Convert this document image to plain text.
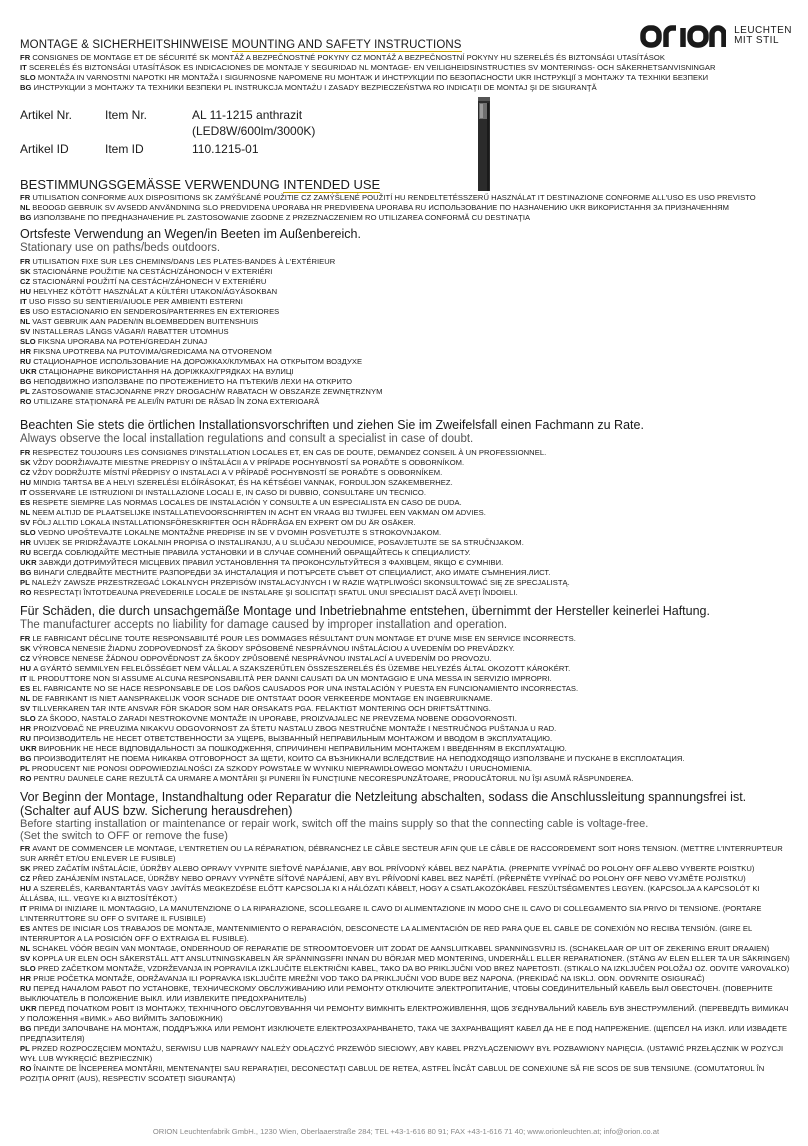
LEUCHTEN
MIT STIL
MONTAGE & SICHERHEITSHINWEISE MOUNTING AND SAFETY INSTRUCTIONS
FR CONSIGNES DE MONTAGE ET DE SÉCURITÉ SK MONTÁŽ A BEZPEČNOSTNÉ POKYNY CZ MONTÁŽ A BEZPEČNOSTNÍ POKYNY HU SZERELÉS ÉS BIZTONSÁGI UTASÍTÁSOK
IT SCERELÉS ÉS BIZTONSÁGI UTASÍTÁSOK ES INDICACIONES DE MONTAJE Y SEGURIDAD NL MONTAGE- EN VEILIGHEIDSINSTRUCTIES SV MONTERINGS- OCH SÄKERHETSANVISNINGAR
SLO MONTAŽA IN VARNOSTNI NAPOTKI HR MONTAŽA I SIGURNOSNE NAPOMENE RU МОНТАЖ И ИНСТРУКЦИИ ПО БЕЗОПАСНОСТИ UKR ІНСТРУКЦІЇ З МОНТАЖУ ТА ТЕХНІКИ БЕЗПЕКИ
BG ИНСТРУКЦИИ З МОНТАЖУ ТА ТЕХНИКИ БЕЗПЕКИ PL INSTRUKCJA MONTAŻU I ZASADY BEZPIECZEŃSTWA RO INDICAŢII DE MONTAJ ŞI DE SIGURANŢĂ
Artikel Nr.	Item Nr.	AL 11-1215 anthrazit
(LED8W/600lm/3000K)
Artikel ID	Item ID	110.1215-01
BESTIMMUNGSGEMÄSSE VERWENDUNG INTENDED USE
FR UTILISATION CONFORME AUX DISPOSITIONS SK ZAMÝŠĽANÉ POUŽITIE CZ ZAMÝŠLENÉ POUŽITÍ HU RENDELTETÉSSZERŰ HASZNÁLAT IT DESTINAZIONE CONFORME ALL'USO ES USO PREVISTO
NL BEOOGD GEBRUIK SV AVSEDD ANVÄNDNING SLO PREDVIDENA UPORABA HR PREDVIĐENA UPORABA RU ИСПОЛЬЗОВАНИЕ ПО НАЗНАЧЕНИЮ UKR ВИКОРИСТАННЯ ЗА ПРИЗНАЧЕННЯМ
BG ИЗПОЛЗВАНЕ ПО ПРЕДНАЗНАЧЕНИЕ PL ZASTOSOWANIE ZGODNE Z PRZEZNACZENIEM RO UTILIZAREA CONFORMĂ CU DESTINAŢIA
Ortsfeste Verwendung an Wegen/in Beeten im Außenbereich.
Stationary use on paths/beds outdoors.
FR UTILISATION FIXE SUR LES CHEMINS/DANS LES PLATES-BANDES À L'EXTÉRIEUR
SK STACIONÁRNE POUŽITIE NA CESTÁCH/ZÁHONOCH V EXTERIÉRI
CZ STACIONÁRNÍ POUŽITÍ NA CESTÁCH/ZÁHONECH V EXTERIÉRU
HU HELYHEZ KÖTÖTT HASZNÁLAT A KÜLTÉRI UTAKON/ÁGYÁSOKBAN
IT USO FISSO SU SENTIERI/AIUOLE PER AMBIENTI ESTERNI
ES USO ESTACIONARIO EN SENDEROS/PARTERRES EN EXTERIORES
NL VAST GEBRUIK AAN PADEN/IN BLOEMBEDDEN BUITENSHUIS
SV INSTALLERAS LÄNGS VÄGAR/I RABATTER UTOMHUS
SLO FIKSNA UPORABA NA POTEH/GREDAH ZUNAJ
HR FIKSNA UPOTREBA NA PUTOVIMA/GREDICAMA NA OTVORENOM
RU СТАЦИОНАРНОЕ ИСПОЛЬЗОВАНИЕ НА ДОРОЖКАХ/КЛУМБАХ НА ОТКРЫТОМ ВОЗДУХЕ
UKR СТАЦІОНАРНЕ ВИКОРИСТАННЯ НА ДОРІЖКАХ/ГРЯДКАХ НА ВУЛИЦІ
BG НЕПОДВИЖНО ИЗПОЛЗВАНЕ ПО ПРОТЕЖЕНИЕТО НА ПЪТЕКИ/В ЛЕХИ НА ОТКРИТО
PL ZASTOSOWANIE STACJONARNE PRZY DROGACH/W RABATACH W OBSZARZE ZEWNĘTRZNYM
RO UTILIZARE STAŢIONARĂ PE ALEI/ÎN PATURI DE RĂSAD ÎN ZONA EXTERIOARĂ
Beachten Sie stets die örtlichen Installationsvorschriften und ziehen Sie im Zweifelsfall einen Fachmann zu Rate.
Always observe the local installation regulations and consult a specialist in case of doubt.
FR RESPECTEZ TOUJOURS LES CONSIGNES D'INSTALLATION LOCALES ET, EN CAS DE DOUTE, DEMANDEZ CONSEIL À UN PROFESSIONNEL.
SK VŽDY DODRŽIAVAJTE MIESTNE PREDPISY O INŠTALÁCII A V PRÍPADE POCHYBNOSTÍ SA PORAĎTE S ODBORNÍKOM.
CZ VŽDY DODRŽUJTE MÍSTNÍ PŘEDPISY O INSTALACI A V PŘÍPADĚ POCHYBNOSTÍ SE PORAĎTE S ODBORNÍKEM.
HU MINDIG TARTSA BE A HELYI SZERELÉSI ELŐÍRÁSOKAT, ÉS HA KÉTSÉGEI VANNAK, FORDULJON SZAKEMBERHEZ.
IT OSSERVARE LE ISTRUZIONI DI INSTALLAZIONE LOCALI E, IN CASO DI DUBBIO, CONSULTARE UN TECNICO.
ES RESPETE SIEMPRE LAS NORMAS LOCALES DE INSTALACIÓN Y CONSULTE A UN ESPECIALISTA EN CASO DE DUDA.
NL NEEM ALTIJD DE PLAATSELIJKE INSTALLATIEVOORSCHRIFTEN IN ACHT EN VRAAG BIJ TWIJFEL EEN VAKMAN OM ADVIES.
SV FÖLJ ALLTID LOKALA INSTALLATIONSFÖRESKRIFTER OCH RÅDFRÅGA EN EXPERT OM DU ÄR OSÄKER.
SLO VEDNO UPOŠTEVAJTE LOKALNE MONTAŽNE PREDPISE IN SE V DVOMIH POSVETUJTE S STROKOVNJAKOM.
HR UVIJEK SE PRIDRŽAVAJTE LOKALNIH PROPISA O INSTALIRANJU, A U SLUČAJU NEDOUMICE, POSAVJETUJTE SE SA STRUČNJAKOM.
RU ВСЕГДА СОБЛЮДАЙТЕ МЕСТНЫЕ ПРАВИЛА УСТАНОВКИ И В СЛУЧАЕ СОМНЕНИЙ ОБРАЩАЙТЕСЬ К СПЕЦИАЛИСТУ.
UKR ЗАВЖДИ ДОТРИМУЙТЕСЯ МІСЦЕВИХ ПРАВИЛ УСТАНОВЛЕННЯ ТА ПРОКОНСУЛЬТУЙТЕСЯ З ФАХІВЦЕМ, ЯКЩО Є СУМНІВИ.
BG ВИНАГИ СЛЕДВАЙТЕ МЕСТНИТЕ РАЗПОРЕДБИ ЗА ИНСТАЛАЦИЯ И ПОТЪРСЕТЕ СЪВЕТ ОТ СПЕЦИАЛИСТ, АКО ИМАТЕ СЪМНЕНИЯ.ЛИСТ.
PL NALEŻY ZAWSZE PRZESTRZEGAĆ LOKALNYCH PRZEPISÓW INSTALACYJNYCH I W RAZIE WĄTPLIWOŚCI SKONSULTOWAĆ SIĘ ZE SPECJALISTĄ.
RO RESPECTAŢI ÎNTOTDEAUNA PREVEDERILE LOCALE DE INSTALARE ŞI SOLICITAŢI SFATUL UNUI SPECIALIST DACĂ AVEŢI ÎNDOIELI.
Für Schäden, die durch unsachgemäße Montage und Inbetriebnahme entstehen, übernimmt der Hersteller keinerlei Haftung.
The manufacturer accepts no liability for damage caused by improper installation and operation.
FR LE FABRICANT DÉCLINE TOUTE RESPONSABILITÉ POUR LES DOMMAGES RÉSULTANT D'UN MONTAGE ET D'UNE MISE EN SERVICE INCORRECTS.
SK VÝROBCA NENESIE ŽIADNU ZODPOVEDNOSŤ ZA ŠKODY SPÔSOBENÉ NESPRÁVNOU INŠTALÁCIOU A UVEDENÍM DO PREVÁDZKY.
CZ VÝROBCE NENESE ŽÁDNOU ODPOVĚDNOST ZA ŠKODY ZPŮSOBENÉ NESPRÁVNOU INSTALACÍ A UVEDENÍM DO PROVOZU.
HU A GYÁRTÓ SEMMILYEN FELELŐSSÉGET NEM VÁLLAL A SZAKSZERŰTLEN ÖSSZESZERELÉS ÉS ÜZEMBE HELYEZÉS ÁLTAL OKOZOTT KÁROKÉRT.
IT IL PRODUTTORE NON SI ASSUME ALCUNA RESPONSABILITÀ PER DANNI CAUSATI DA UN MONTAGGIO E UNA MESSA IN SERVIZIO IMPROPRI.
ES EL FABRICANTE NO SE HACE RESPONSABLE DE LOS DAÑOS CAUSADOS POR UNA INSTALACIÓN Y PUESTA EN FUNCIONAMIENTO INCORRECTAS.
NL DE FABRIKANT IS NIET AANSPRAKELIJK VOOR SCHADE DIE ONTSTAAT DOOR VERKEERDE MONTAGE EN INGEBRUIKNAME.
SV TILLVERKAREN TAR INTE ANSVAR FÖR SKADOR SOM HAR ORSAKATS PGA. FELAKTIGT MONTERING OCH DRIFTSÄTTNING.
SLO ZA ŠKODO, NASTALO ZARADI NESTROKOVNE MONTAŽE IN UPORABE, PROIZVAJALEC NE PREVZEMA NOBENE ODGOVORNOSTI.
HR PROIZVOĐAČ NE PREUZIMA NIKAKVU ODGOVORNOST ZA ŠTETU NASTALU ZBOG NESTRUČNE MONTAŽE I NESTRUČNOG PUŠTANJA U RAD.
RU ПРОИЗВОДИТЕЛЬ НЕ НЕСЕТ ОТВЕТСТВЕННОСТИ ЗА УЩЕРБ, ВЫЗВАННЫЙ НЕПРАВИЛЬНЫМ МОНТАЖОМ И ВВОДОМ В ЭКСПЛУАТАЦИЮ.
UKR ВИРОБНИК НЕ НЕСЕ ВІДПОВІДАЛЬНОСТІ ЗА ПОШКОДЖЕННЯ, СПРИЧИНЕНІ НЕПРАВИЛЬНИМ МОНТАЖЕМ І ВВЕДЕННЯМ В ЕКСПЛУАТАЦІЮ.
BG ПРОИЗВОДИТЕЛЯТ НЕ ПОЕМА НИКАКВА ОТГОВОРНОСТ ЗА ЩЕТИ, КОИТО СА ВЪЗНИКНАЛИ ВСЛЕДСТВИЕ НА НЕПОДХОДЯЩО ИЗПОЛЗВАНЕ И ПУСКАНЕ В ЕКСПЛОАТАЦИЯ.
PL PRODUCENT NIE PONOSI ODPOWIEDZIALNOŚCI ZA SZKODY POWSTAŁE W WYNIKU NIEPRAWIDŁOWEGO MONTAŻU I URUCHOMIENIA.
RO PENTRU DAUNELE CARE REZULTĂ CA URMARE A MONTĂRII ŞI PUNERII ÎN FUNCŢIUNE NECORESPUNZĂTOARE, PRODUCĂTORUL NU ÎŞI ASUMĂ RĂSPUNDEREA.
Vor Beginn der Montage, Instandhaltung oder Reparatur die Netzleitung abschalten, sodass die Anschlussleitung spannungsfrei ist.
(Schalter auf AUS bzw. Sicherung herausdrehen)
Before starting installation or maintenance or repair work, switch off the mains supply so that the connecting cable is voltage-free.
(Set the switch to OFF or remove the fuse)
FR AVANT DE COMMENCER LE MONTAGE, L'ENTRETIEN OU LA RÉPARATION, DÉBRANCHEZ LE CÂBLE SECTEUR AFIN QUE LE CÂBLE DE RACCORDEMENT SOIT HORS TENSION. (METTRE L'INTERRUPTEUR SUR ARRÊT ET/OU ENLEVER LE FUSIBLE)
SK PRED ZAČATÍM INŠTALÁCIE, ÚDRŽBY ALEBO OPRAVY VYPNITE SIEŤOVÉ NAPÁJANIE, ABY BOL PRÍVODNÝ KÁBEL BEZ NAPÄTIA. (PREPNITE VYPÍNAČ DO POLOHY OFF ALEBO VYBERTE POISTKU)
CZ PŘED ZAHÁJENÍM INSTALACE, ÚDRŽBY NEBO OPRAVY VYPNĚTE SÍŤOVÉ NAPÁJENÍ, ABY BYL PŘÍVODNÍ KABEL BEZ NAPĚTÍ. (PŘEPNĚTE VYPÍNAČ DO POLOHY OFF NEBO VYJMĚTE POJISTKU)
HU A SZERELÉS, KARBANTARTÁS VAGY JAVÍTÁS MEGKEZDÉSE ELŐTT KAPCSOLJA KI A HÁLÓZATI KÁBELT, HOGY A CSATLAKOZÓKÁBEL FESZÜLTSÉGMENTES LEGYEN. (KAPCSOLJA A KAPCSOLÓT KI ÁLLÁSBA, ILL. VEGYE KI A BIZTOSÍTÉKOT.)
IT PRIMA DI INIZIARE IL MONTAGGIO, LA MANUTENZIONE O LA RIPARAZIONE, SCOLLEGARE IL CAVO DI ALIMENTAZIONE IN MODO CHE IL CAVO DI COLLEGAMENTO SIA PRIVO DI TENSIONE. (PORTARE L'INTERRUTTORE SU OFF O SVITARE IL FUSIBILE)
ES ANTES DE INICIAR LOS TRABAJOS DE MONTAJE, MANTENIMIENTO O REPARACIÓN, DESCONECTE LA ALIMENTACIÓN DE RED PARA QUE EL CABLE DE CONEXIÓN NO RECIBA TENSIÓN. (GIRE EL INTERRUPTOR A LA POSICIÓN OFF O EXTRAIGA EL FUSIBLE).
NL SCHAKEL VÓÓR BEGIN VAN MONTAGE, ONDERHOUD OF REPARATIE DE STROOMTOEVOER UIT ZODAT DE AANSLUITKABEL SPANNINGSVRIJ IS. (SCHAKELAAR OP UIT OF ZEKERING ERUIT DRAAIEN)
SV KOPPLA UR ELEN OCH SÄKERSTÄLL ATT ANSLUTNINGSKABELN ÄR SPÄNNINGSFRI INNAN DU BÖRJAR MED MONTERING, UNDERHÅLL ELLER REPARATIONER. (STÄNG AV ELEN ELLER TA UR SÄKRINGEN)
SLO PRED ZAČETKOM MONTAŽE, VZDRŽEVANJA IN POPRAVILA IZKLJUČITE ELEKTRIČNI KABEL, TAKO DA BO PRIKLJUČNI VOD BREZ NAPETOSTI. (STIKALO NA IZKLJUČEN POLOŽAJ OZ. ODVITE VAROVALKO)
HR PRIJE POČETKA MONTAŽE, ODRŽAVANJA ILI POPRAVKA ISKLJUČITE MREŽNI VOD TAKO DA PRIKLJUČNI VOD BUDE BEZ NAPONA. (PREKIDAČ NA ISKLJ. ODN. ODVRNITE OSIGURAČ)
RU ПЕРЕД НАЧАЛОМ РАБОТ ПО УСТАНОВКЕ, ТЕХНИЧЕСКОМУ ОБСЛУЖИВАНИЮ ИЛИ РЕМОНТУ ОТКЛЮЧИТЕ ЭЛЕКТРОПИТАНИЕ, ЧТОБЫ СОЕДИНИТЕЛЬНЫЙ КАБЕЛЬ БЫЛ ОБЕСТОЧЕН. (ПОВЕРНИТЕ ВЫКЛЮЧАТЕЛЬ В ПОЛОЖЕНИЕ ВЫКЛ. ИЛИ ИЗВЛЕКИТЕ ПРЕДОХРАНИТЕЛЬ)
UKR ПЕРЕД ПОЧАТКОМ РОБІТ ІЗ МОНТАЖУ, ТЕХНІЧНОГО ОБСЛУГОВУВАННЯ ЧИ РЕМОНТУ ВИМКНІТЬ ЕЛЕКТРОЖИВЛЕННЯ, ЩОБ З'ЄДНУВАЛЬНИЙ КАБЕЛЬ БУВ ЗНЕСТРУМЛЕНИЙ. (ПЕРЕВЕДІТЬ ВИМИКАЧ У ПОЛОЖЕННЯ «ВИМК.» АБО ВИЙМІТЬ ЗАПОБІЖНИК)
BG ПРЕДИ ЗАПОЧВАНЕ НА МОНТАЖ, ПОДДРЪЖКА ИЛИ РЕМОНТ ИЗКЛЮЧЕТЕ ЕЛЕКТРОЗАХРАНВАНЕТО, ТАКА ЧЕ ЗАХРАНВАЩИЯТ КАБЕЛ ДА НЕ Е ПОД НАПРЕЖЕНИЕ. (ЩЕПСЕЛ НА ИЗКЛ. ИЛИ ИЗВАДЕТЕ ПРЕДПАЗИТЕЛЯ)
PL PRZED ROZPOCZĘCIEM MONTAŻU, SERWISU LUB NAPRAWY NALEŻY ODŁĄCZYĆ PRZEWÓD SIECIOWY, ABY KABEL PRZYŁĄCZENIOWY BYŁ POZBAWIONY NAPIĘCIA. (USTAWIĆ PRZEŁĄCZNIK W POZYCJI WYŁ LUB WYKRĘCIĆ BEZPIECZNIK)
RO ÎNAINTE DE ÎNCEPEREA MONTĂRII, MENTENANŢEI SAU REPARAŢIEI, DECONECTAŢI CABLUL DE RETEA, ASTFEL ÎNCÂT CABLUL DE CONEXIUNE SĂ FIE SCOS DE SUB TENSIUNE. (COMUTATORUL ÎN POZIŢIA OPRIT (AUS), RESPECTIV SCOATEŢI SIGURANŢA)
ORION Leuchtenfabrik GmbH., 1230 Wien, Oberlaaerstraße 284; TEL +43-1-616 80 91; FAX +43-1-616 71 40; www.orionleuchten.at; info@orion.co.at
